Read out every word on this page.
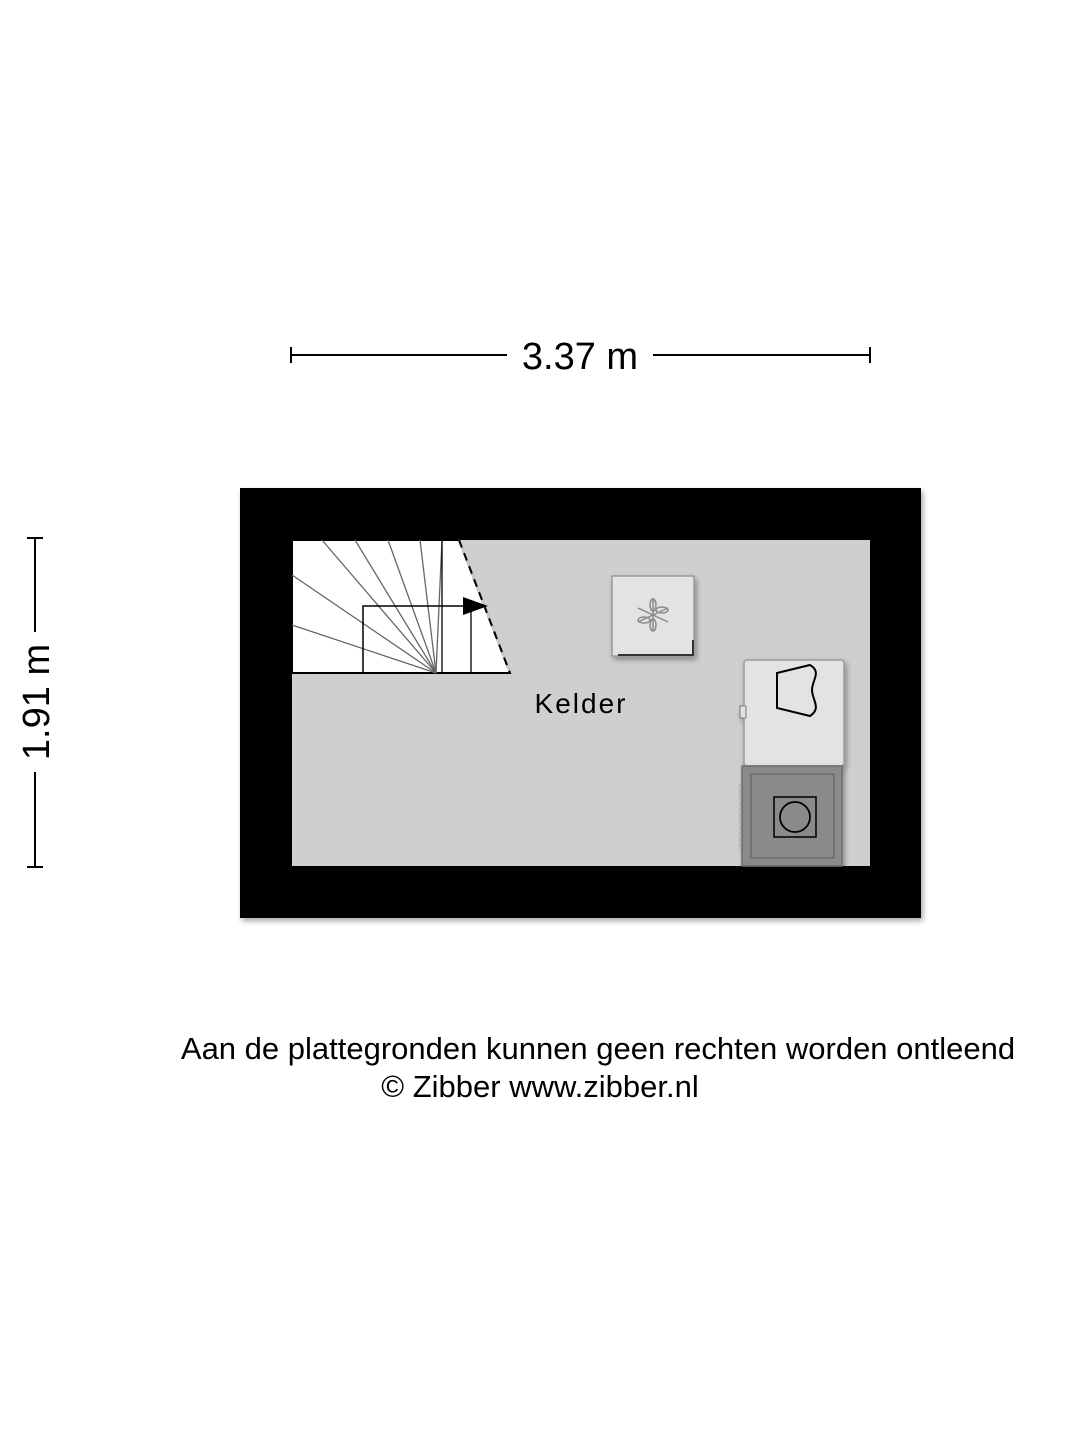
3.37 m
1.91 m	Kelder
Aan de plattegronden kunnen geen rechten worden ontleend
© Zibber www.zibber.nl
